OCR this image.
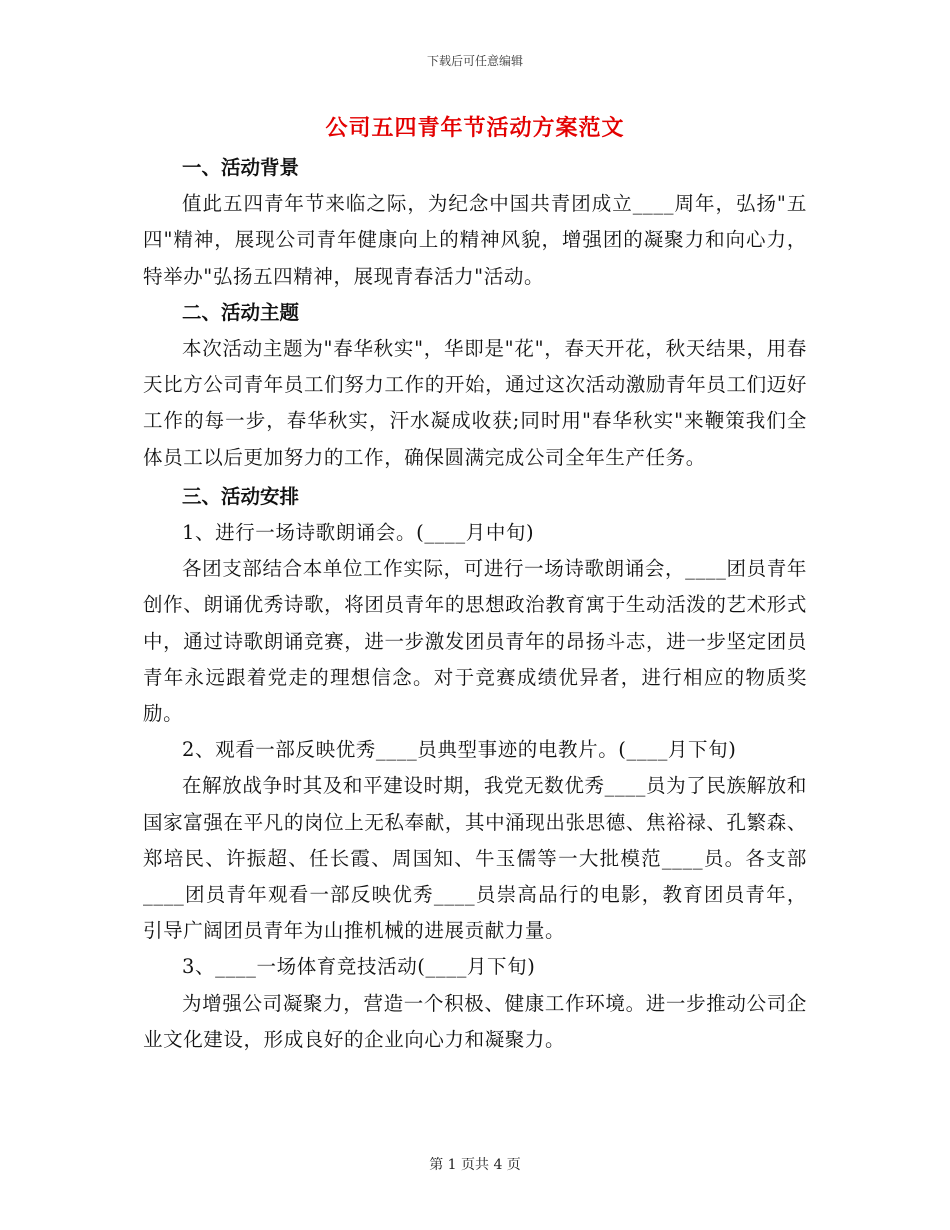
下载后可任意编辑
公司五四青年节活动方案范文
一、活动背景

值此五四青年节来临之际，为纪念中国共青团成立____周年，弘扬"五四"精神，展现公司青年健康向上的精神风貌，增强团的凝聚力和向心力，特举办"弘扬五四精神，展现青春活力"活动。

二、活动主题

本次活动主题为"春华秋实"，华即是"花"，春天开花，秋天结果，用春天比方公司青年员工们努力工作的开始，通过这次活动激励青年员工们迈好工作的每一步，春华秋实，汗水凝成收获;同时用"春华秋实"来鞭策我们全体员工以后更加努力的工作，确保圆满完成公司全年生产任务。

三、活动安排

1、进行一场诗歌朗诵会。(____月中旬)

各团支部结合本单位工作实际，可进行一场诗歌朗诵会，____团员青年创作、朗诵优秀诗歌，将团员青年的思想政治教育寓于生动活泼的艺术形式中，通过诗歌朗诵竞赛，进一步激发团员青年的昂扬斗志，进一步坚定团员青年永远跟着党走的理想信念。对于竞赛成绩优异者，进行相应的物质奖励。

2、观看一部反映优秀____员典型事迹的电教片。(____月下旬)

在解放战争时其及和平建设时期，我党无数优秀____员为了民族解放和国家富强在平凡的岗位上无私奉献，其中涌现出张思德、焦裕禄、孔繁森、郑培民、许振超、任长霞、周国知、牛玉儒等一大批模范____员。各支部____团员青年观看一部反映优秀____员崇高品行的电影，教育团员青年，引导广阔团员青年为山推机械的进展贡献力量。

3、____一场体育竞技活动(____月下旬)

为增强公司凝聚力，营造一个积极、健康工作环境。进一步推动公司企业文化建设，形成良好的企业向心力和凝聚力。

第 1 页共 4 页
